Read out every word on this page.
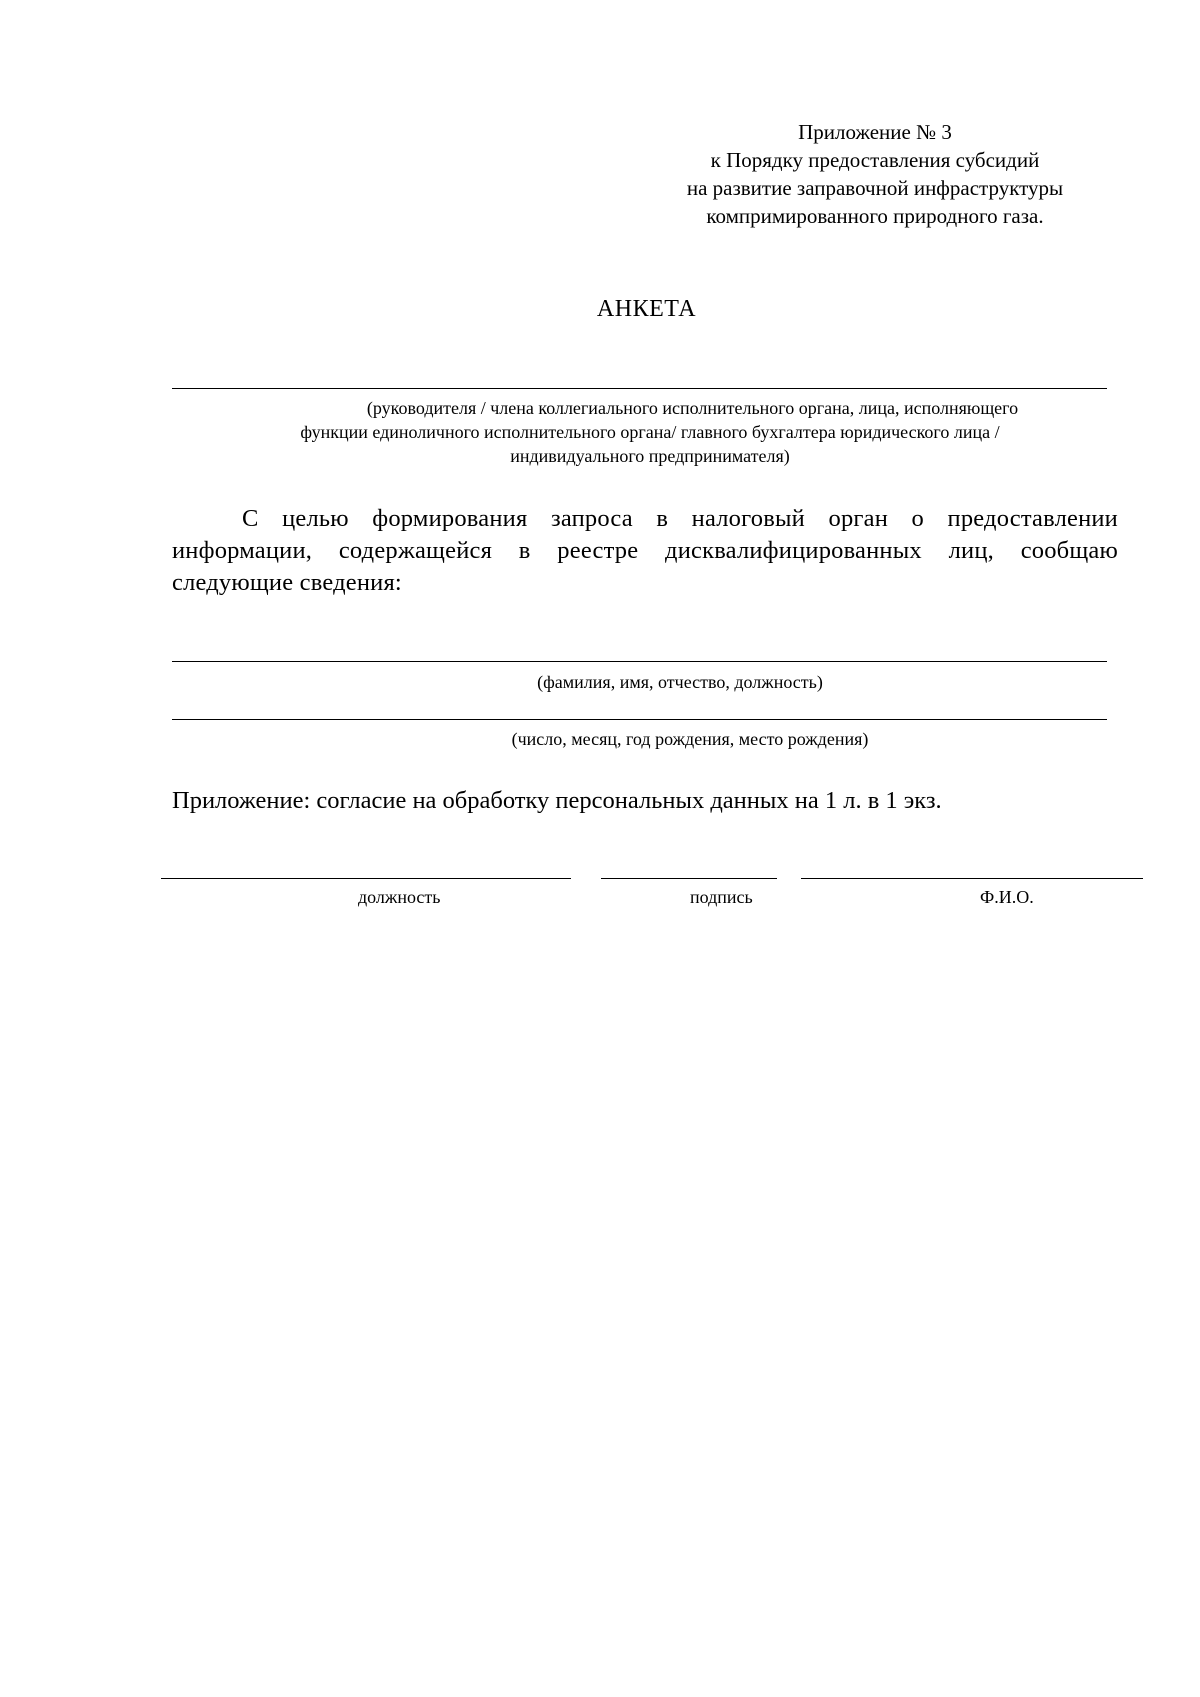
Приложение № 3
к Порядку предоставления субсидий
на развитие заправочной инфраструктуры
компримированного природного газа.
АНКЕТА
(руководителя / члена коллегиального исполнительного органа, лица, исполняющего
функции единоличного исполнительного органа/ главного бухгалтера юридического лица /
индивидуального предпринимателя)
С целью формирования запроса в налоговый орган о предоставлении
информации, содержащейся в реестре дисквалифицированных лиц, сообщаю
следующие сведения:
(фамилия, имя, отчество, должность)
(число, месяц, год рождения, место рождения)
Приложение: согласие на обработку персональных данных на 1 л. в 1 экз.
должность	подпись	Ф.И.О.
